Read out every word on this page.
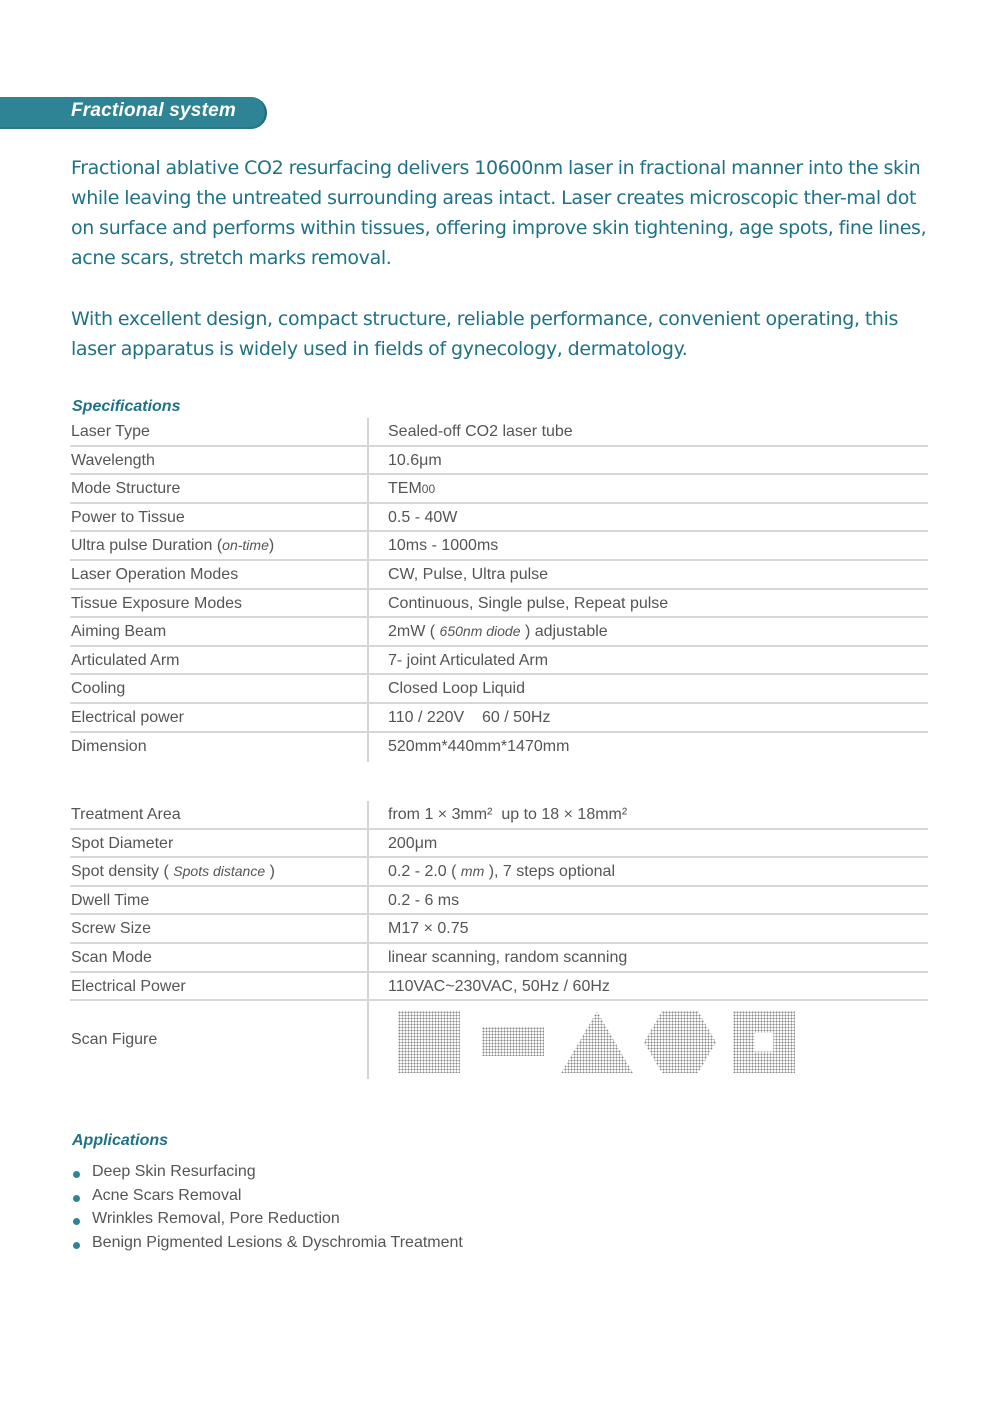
Fractional system

Fractional ablative CO2 resurfacing delivers 10600nm laser in fractional manner into the skin while leaving the untreated surrounding areas intact. Laser creates microscopic ther-mal dot on surface and performs within tissues, offering improve skin tightening, age spots, fine lines, acne scars, stretch marks removal.

With excellent design, compact structure, reliable performance, convenient operating, this laser apparatus is widely used in fields of gynecology, dermatology.

Specifications
Laser Type	Sealed-off CO2 laser tube
Wavelength	10.6μm
Mode Structure	TEM00
Power to Tissue	0.5 - 40W
Ultra pulse Duration (on-time)	10ms - 1000ms
Laser Operation Modes	CW, Pulse, Ultra pulse
Tissue Exposure Modes	Continuous, Single pulse, Repeat pulse
Aiming Beam	2mW ( 650nm diode ) adjustable
Articulated Arm	7- joint Articulated Arm
Cooling	Closed Loop Liquid
Electrical power	110 / 220V    60 / 50Hz
Dimension	520mm*440mm*1470mm
Treatment Area	from 1 × 3mm²  up to 18 × 18mm²
Spot Diameter	200μm
Spot density ( Spots distance )	0.2 - 2.0 ( mm ), 7 steps optional
Dwell Time	0.2 - 6 ms
Screw Size	M17 × 0.75
Scan Mode	linear scanning, random scanning
Electrical Power	110VAC~230VAC, 50Hz / 60Hz
Scan Figure
Applications
Deep Skin Resurfacing
Acne Scars Removal
Wrinkles Removal, Pore Reduction
Benign Pigmented Lesions & Dyschromia Treatment
